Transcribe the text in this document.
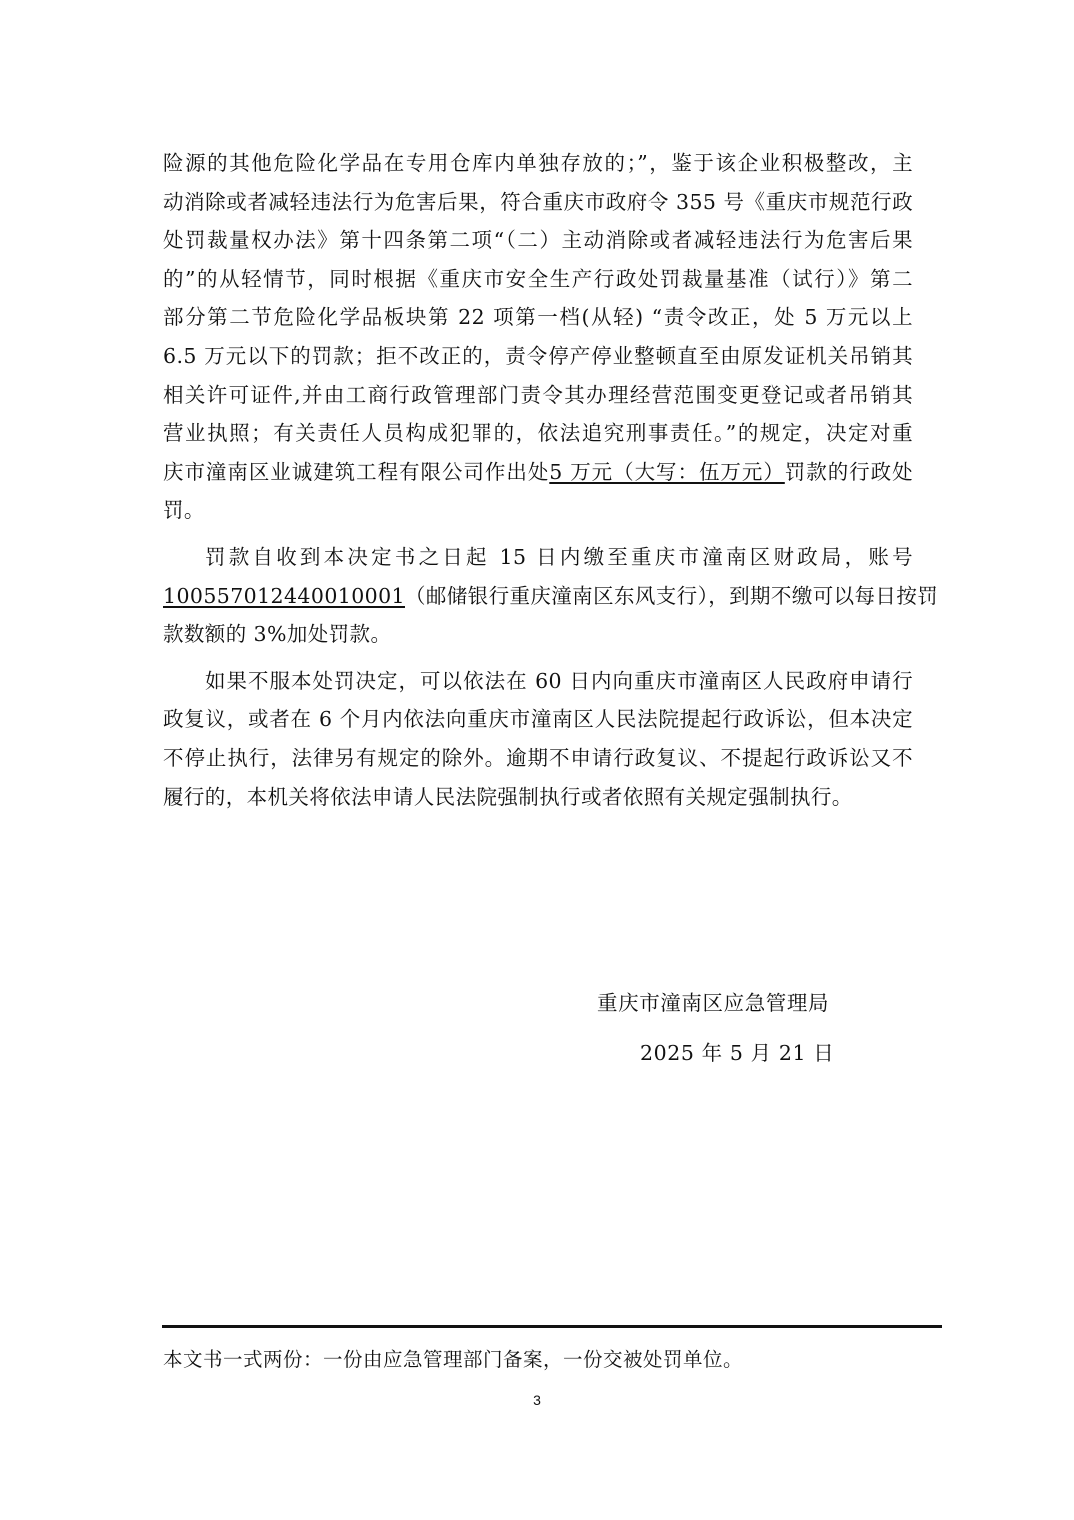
险源的其他危险化学品在专用仓库内单独存放的；”，鉴于该企业积极整改，主
动消除或者减轻违法行为危害后果，符合重庆市政府令 355 号《重庆市规范行政
处罚裁量权办法》第十四条第二项“（二）主动消除或者减轻违法行为危害后果
的”的从轻情节，同时根据《重庆市安全生产行政处罚裁量基准（试行）》第二
部分第二节危险化学品板块第 22 项第一档(从轻) “责令改正，处 5 万元以上
6.5 万元以下的罚款；拒不改正的，责令停产停业整顿直至由原发证机关吊销其
相关许可证件,并由工商行政管理部门责令其办理经营范围变更登记或者吊销其
营业执照；有关责任人员构成犯罪的，依法追究刑事责任。”的规定，决定对重
庆市潼南区业诚建筑工程有限公司作出处5 万元（大写：伍万元）罚款的行政处
罚。
罚款自收到本决定书之日起 15 日内缴至重庆市潼南区财政局，账号
100557012440010001（邮储银行重庆潼南区东风支行），到期不缴可以每日按罚
款数额的 3%加处罚款。
如果不服本处罚决定，可以依法在 60 日内向重庆市潼南区人民政府申请行
政复议，或者在 6 个月内依法向重庆市潼南区人民法院提起行政诉讼，但本决定
不停止执行，法律另有规定的除外。逾期不申请行政复议、不提起行政诉讼又不
履行的，本机关将依法申请人民法院强制执行或者依照有关规定强制执行。
重庆市潼南区应急管理局
2025 年 5 月 21 日
本文书一式两份：一份由应急管理部门备案，一份交被处罚单位。
3
